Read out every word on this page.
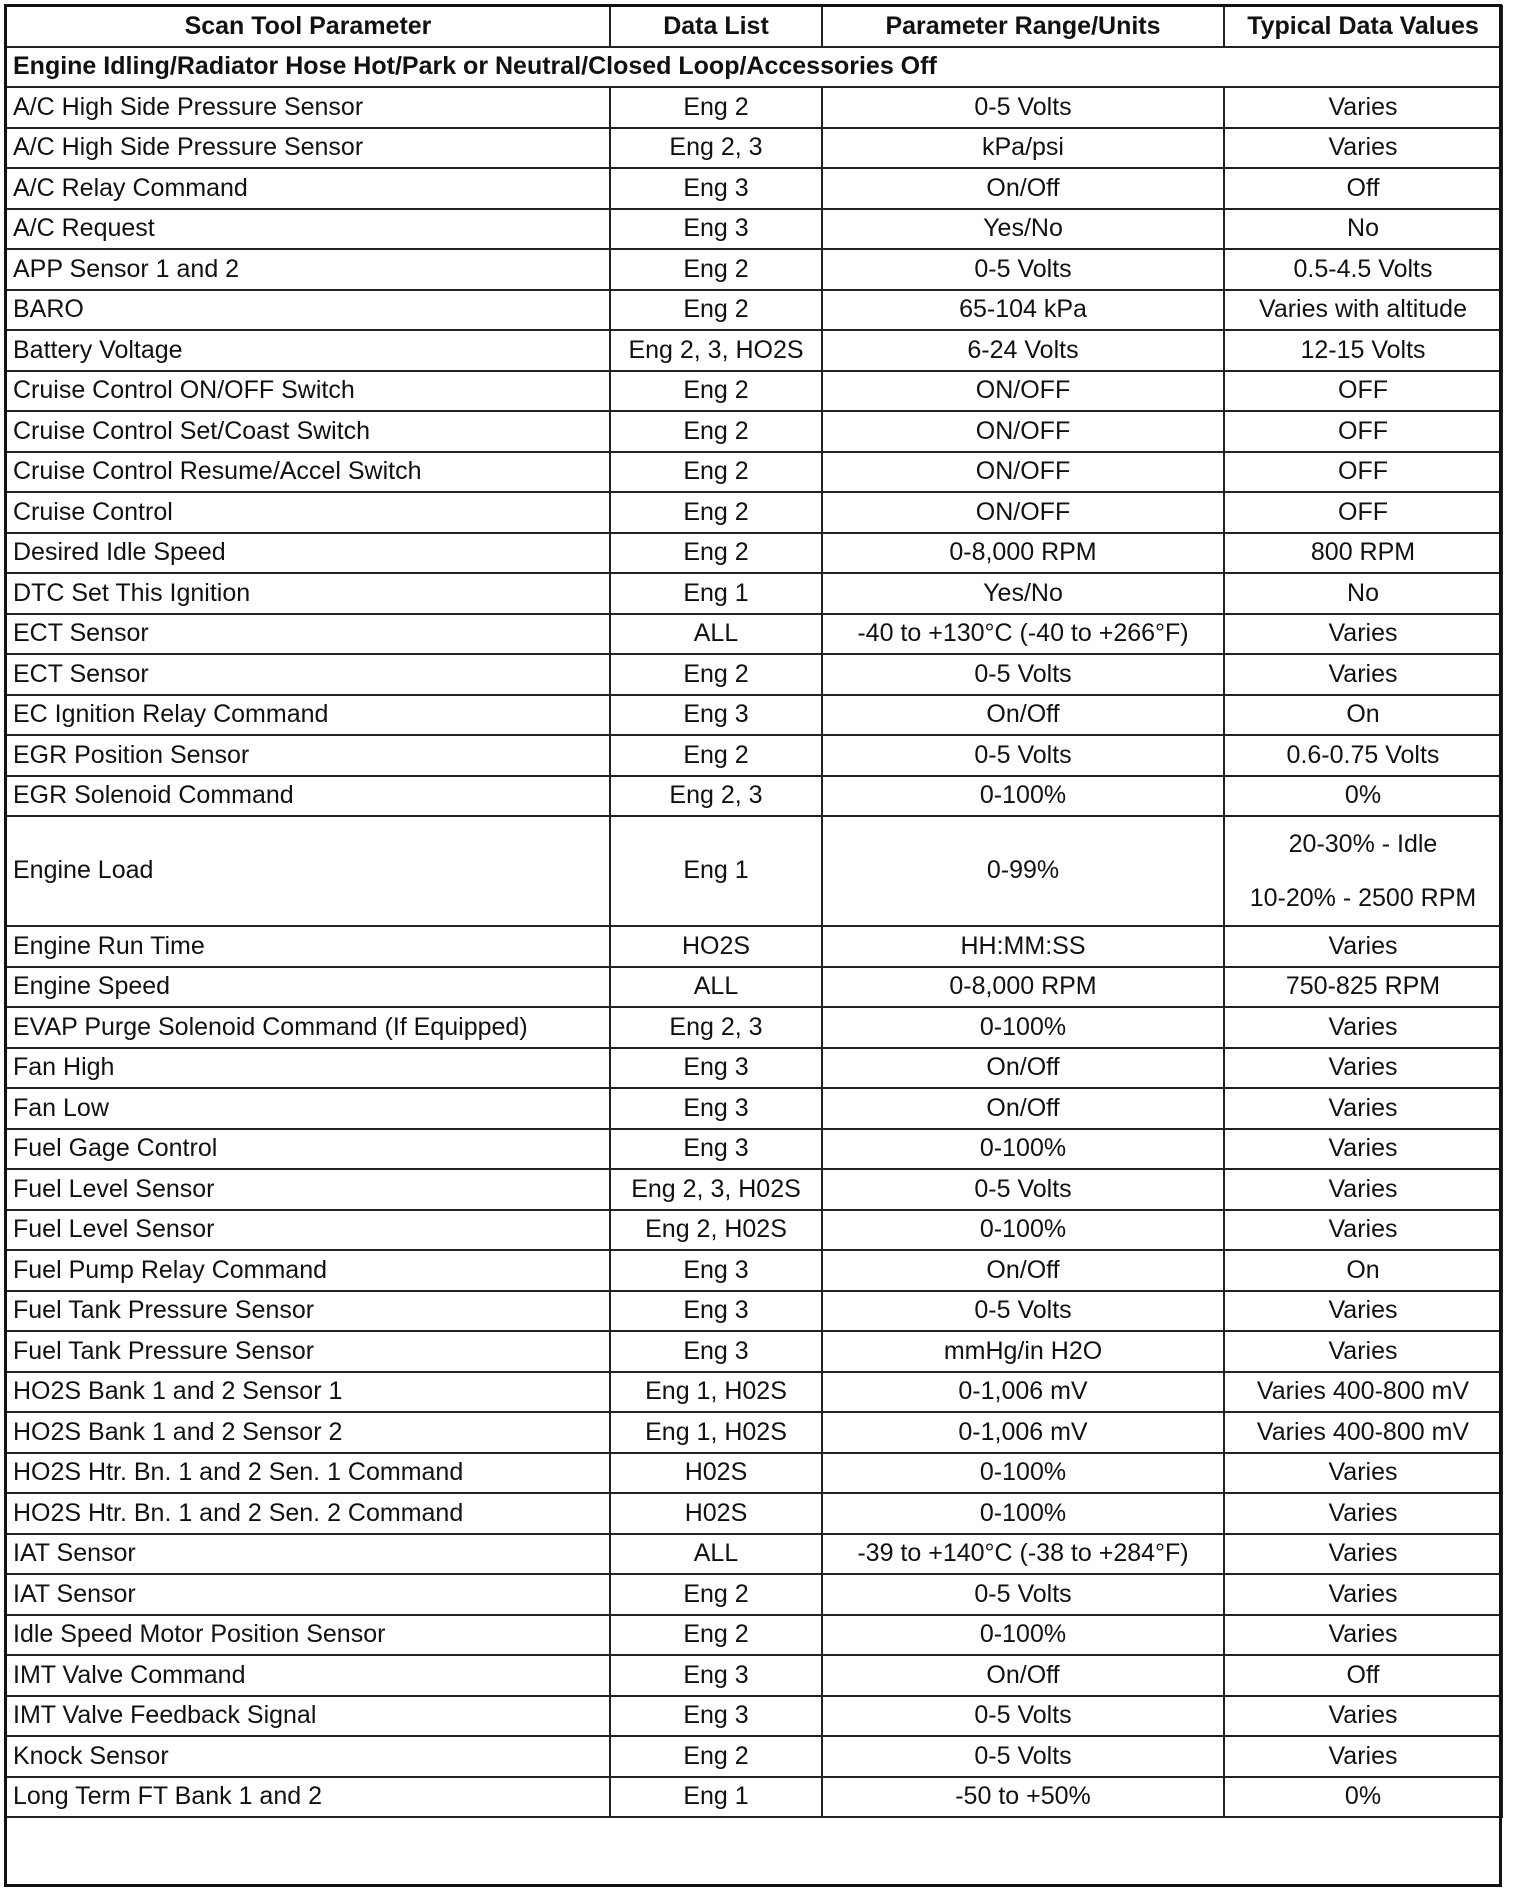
Scan Tool Parameter	Data List	Parameter Range/Units	Typical Data Values
Engine Idling/Radiator Hose Hot/Park or Neutral/Closed Loop/Accessories Off			
A/C High Side Pressure Sensor	Eng 2	0-5 Volts	Varies
A/C High Side Pressure Sensor	Eng 2, 3	kPa/psi	Varies
A/C Relay Command	Eng 3	On/Off	Off
A/C Request	Eng 3	Yes/No	No
APP Sensor 1 and 2	Eng 2	0-5 Volts	0.5-4.5 Volts
BARO	Eng 2	65-104 kPa	Varies with altitude
Battery Voltage	Eng 2, 3, HO2S	6-24 Volts	12-15 Volts
Cruise Control ON/OFF Switch	Eng 2	ON/OFF	OFF
Cruise Control Set/Coast Switch	Eng 2	ON/OFF	OFF
Cruise Control Resume/Accel Switch	Eng 2	ON/OFF	OFF
Cruise Control	Eng 2	ON/OFF	OFF
Desired Idle Speed	Eng 2	0-8,000 RPM	800 RPM
DTC Set This Ignition	Eng 1	Yes/No	No
ECT Sensor	ALL	-40 to +130°C (-40 to +266°F)	Varies
ECT Sensor	Eng 2	0-5 Volts	Varies
EC Ignition Relay Command	Eng 3	On/Off	On
EGR Position Sensor	Eng 2	0-5 Volts	0.6-0.75 Volts
EGR Solenoid Command	Eng 2, 3	0-100%	0%
Engine Load	Eng 1	0-99%	20-30% - Idle
10-20% - 2500 RPM

Engine Run Time	HO2S	HH:MM:SS	Varies
Engine Speed	ALL	0-8,000 RPM	750-825 RPM
EVAP Purge Solenoid Command (If Equipped)	Eng 2, 3	0-100%	Varies
Fan High	Eng 3	On/Off	Varies
Fan Low	Eng 3	On/Off	Varies
Fuel Gage Control	Eng 3	0-100%	Varies
Fuel Level Sensor	Eng 2, 3, H02S	0-5 Volts	Varies
Fuel Level Sensor	Eng 2, H02S	0-100%	Varies
Fuel Pump Relay Command	Eng 3	On/Off	On
Fuel Tank Pressure Sensor	Eng 3	0-5 Volts	Varies
Fuel Tank Pressure Sensor	Eng 3	mmHg/in H2O	Varies
HO2S Bank 1 and 2 Sensor 1	Eng 1, H02S	0-1,006 mV	Varies 400-800 mV
HO2S Bank 1 and 2 Sensor 2	Eng 1, H02S	0-1,006 mV	Varies 400-800 mV
HO2S Htr. Bn. 1 and 2 Sen. 1 Command	H02S	0-100%	Varies
HO2S Htr. Bn. 1 and 2 Sen. 2 Command	H02S	0-100%	Varies
IAT Sensor	ALL	-39 to +140°C (-38 to +284°F)	Varies
IAT Sensor	Eng 2	0-5 Volts	Varies
Idle Speed Motor Position Sensor	Eng 2	0-100%	Varies
IMT Valve Command	Eng 3	On/Off	Off
IMT Valve Feedback Signal	Eng 3	0-5 Volts	Varies
Knock Sensor	Eng 2	0-5 Volts	Varies
Long Term FT Bank 1 and 2	Eng 1	-50 to +50%	0%
